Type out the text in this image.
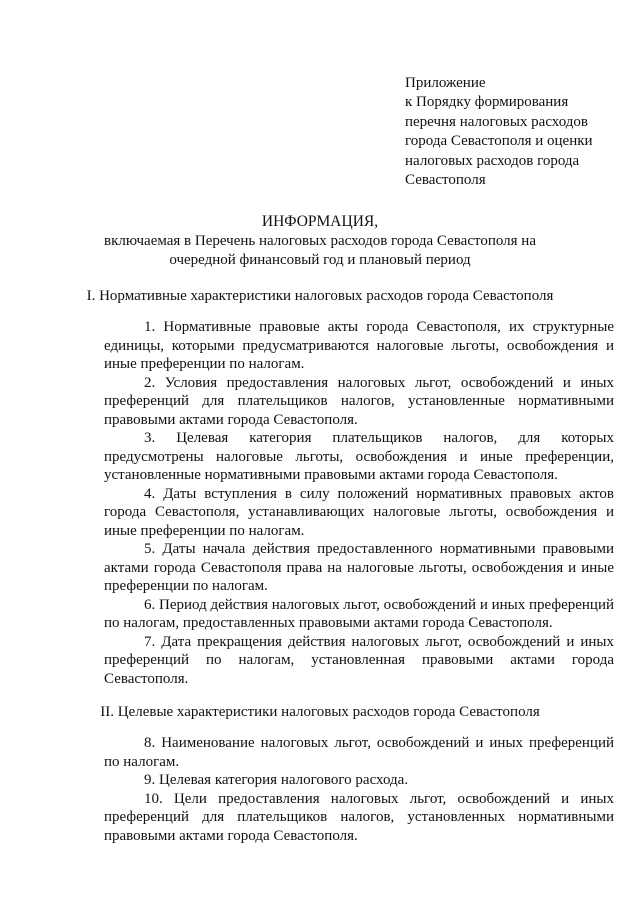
Приложение
к Порядку формирования
перечня налоговых расходов
города Севастополя и оценки
налоговых расходов города
Севастополя
ИНФОРМАЦИЯ,
включаемая в Перечень налоговых расходов города Севастополя на очередной финансовый год и плановый период
I. Нормативные характеристики налоговых расходов города Севастополя

1. Нормативные правовые акты города Севастополя, их структурные единицы, которыми предусматриваются налоговые льготы, освобождения и иные преференции по налогам.

2. Условия предоставления налоговых льгот, освобождений и иных преференций для плательщиков налогов, установленные нормативными правовыми актами города Севастополя.

3. Целевая категория плательщиков налогов, для которых предусмотрены налоговые льготы, освобождения и иные преференции, установленные нормативными правовыми актами города Севастополя.

4. Даты вступления в силу положений нормативных правовых актов города Севастополя, устанавливающих налоговые льготы, освобождения и иные преференции по налогам.

5. Даты начала действия предоставленного нормативными правовыми актами города Севастополя права на налоговые льготы, освобождения и иные преференции по налогам.

6. Период действия налоговых льгот, освобождений и иных преференций по налогам, предоставленных правовыми актами города Севастополя.

7. Дата прекращения действия налоговых льгот, освобождений и иных преференций по налогам, установленная правовыми актами города Севастополя.

II. Целевые характеристики налоговых расходов города Севастополя

8. Наименование налоговых льгот, освобождений и иных преференций по налогам.

9. Целевая категория налогового расхода.

10. Цели предоставления налоговых льгот, освобождений и иных преференций для плательщиков налогов, установленных нормативными правовыми актами города Севастополя.
